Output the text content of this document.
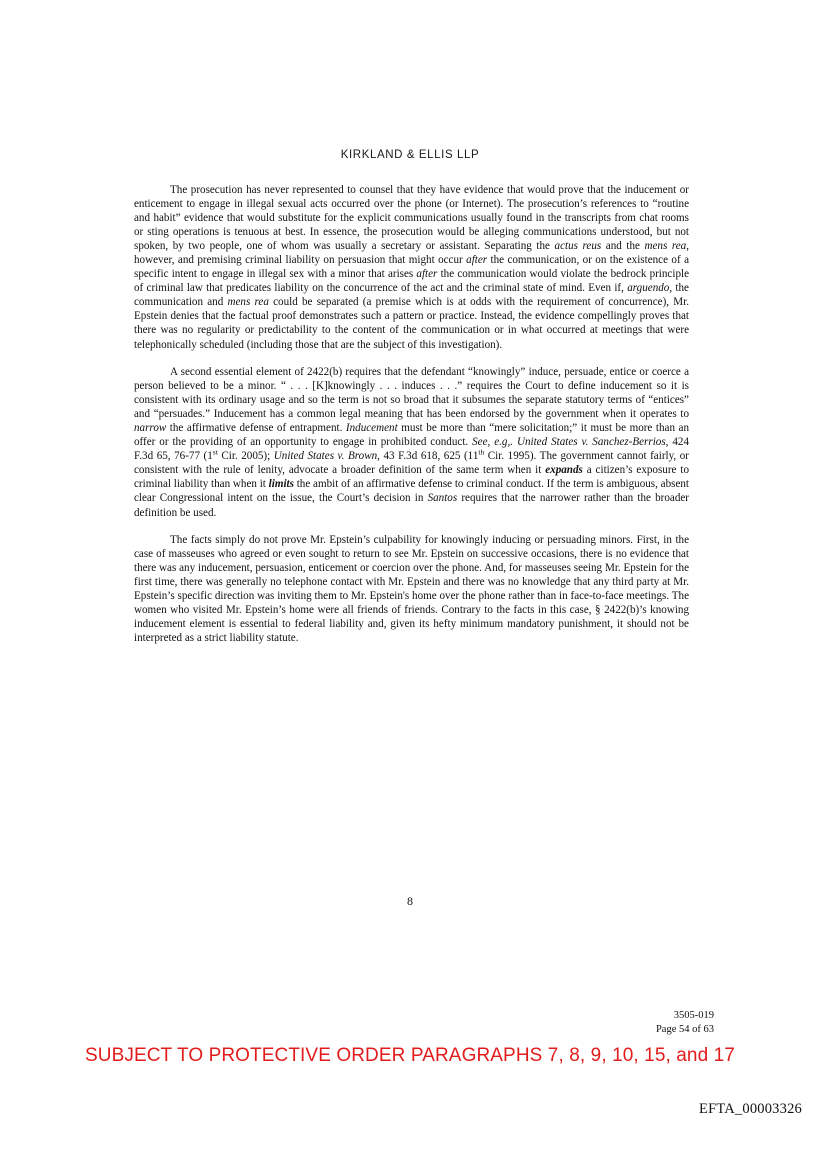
KIRKLAND & ELLIS LLP

The prosecution has never represented to counsel that they have evidence that would prove that the inducement or enticement to engage in illegal sexual acts occurred over the phone (or Internet). The prosecution’s references to “routine and habit” evidence that would substitute for the explicit communications usually found in the transcripts from chat rooms or sting operations is tenuous at best. In essence, the prosecution would be alleging communications understood, but not spoken, by two people, one of whom was usually a secretary or assistant. Separating the actus reus and the mens rea, however, and premising criminal liability on persuasion that might occur after the communication, or on the existence of a specific intent to engage in illegal sex with a minor that arises after the communication would violate the bedrock principle of criminal law that predicates liability on the concurrence of the act and the criminal state of mind. Even if, arguendo, the communication and mens rea could be separated (a premise which is at odds with the requirement of concurrence), Mr. Epstein denies that the factual proof demonstrates such a pattern or practice. Instead, the evidence compellingly proves that there was no regularity or predictability to the content of the communication or in what occurred at meetings that were telephonically scheduled (including those that are the subject of this investigation).

A second essential element of 2422(b) requires that the defendant “knowingly” induce, persuade, entice or coerce a person believed to be a minor. “ . . . [K]knowingly . . . induces . . .” requires the Court to define inducement so it is consistent with its ordinary usage and so the term is not so broad that it subsumes the separate statutory terms of “entices” and “persuades.” Inducement has a common legal meaning that has been endorsed by the government when it operates to narrow the affirmative defense of entrapment. Inducement must be more than “mere solicitation;” it must be more than an offer or the providing of an opportunity to engage in prohibited conduct. See, e.g,. United States v. Sanchez-Berrios, 424 F.3d 65, 76-77 (1st Cir. 2005); United States v. Brown, 43 F.3d 618, 625 (11th Cir. 1995). The government cannot fairly, or consistent with the rule of lenity, advocate a broader definition of the same term when it expands a citizen’s exposure to criminal liability than when it limits the ambit of an affirmative defense to criminal conduct. If the term is ambiguous, absent clear Congressional intent on the issue, the Court’s decision in Santos requires that the narrower rather than the broader definition be used.

The facts simply do not prove Mr. Epstein’s culpability for knowingly inducing or persuading minors. First, in the case of masseuses who agreed or even sought to return to see Mr. Epstein on successive occasions, there is no evidence that there was any inducement, persuasion, enticement or coercion over the phone. And, for masseuses seeing Mr. Epstein for the first time, there was generally no telephone contact with Mr. Epstein and there was no knowledge that any third party at Mr. Epstein’s specific direction was inviting them to Mr. Epstein's home over the phone rather than in face-to-face meetings. The women who visited Mr. Epstein’s home were all friends of friends. Contrary to the facts in this case, § 2422(b)’s knowing inducement element is essential to federal liability and, given its hefty minimum mandatory punishment, it should not be interpreted as a strict liability statute.

8
3505-019
Page 54 of 63
SUBJECT TO PROTECTIVE ORDER PARAGRAPHS 7, 8, 9, 10, 15, and 17
EFTA_00003326
